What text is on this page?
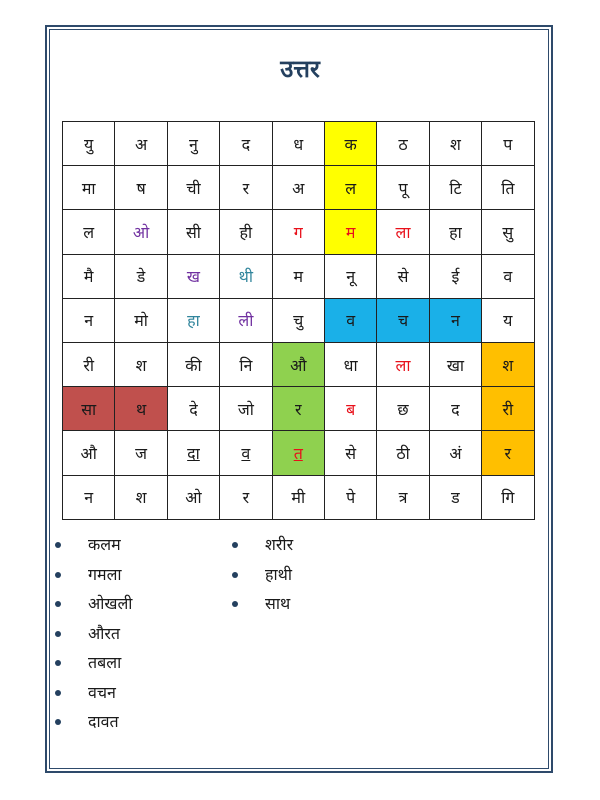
उत्तर
यु	अ	नु	द	ध	क	ठ	श	प
मा	ष	ची	र	अ	ल	पू	टि	ति
ल	ओ	सी	ही	ग	म	ला	हा	सु
मै	डे	ख	थी	म	नू	से	ई	व
न	मो	हा	ली	चु	व	च	न	य
री	श	की	नि	औ	धा	ला	खा	श
सा	थ	दे	जो	र	ब	छ	द	री
औ	ज	दा	व	त	से	ठी	अं	र
न	श	ओ	र	मी	पे	त्र	ड	गि
कलम
गमला
ओखली
औरत
तबला
वचन
दावत
शरीर
हाथी
साथ
